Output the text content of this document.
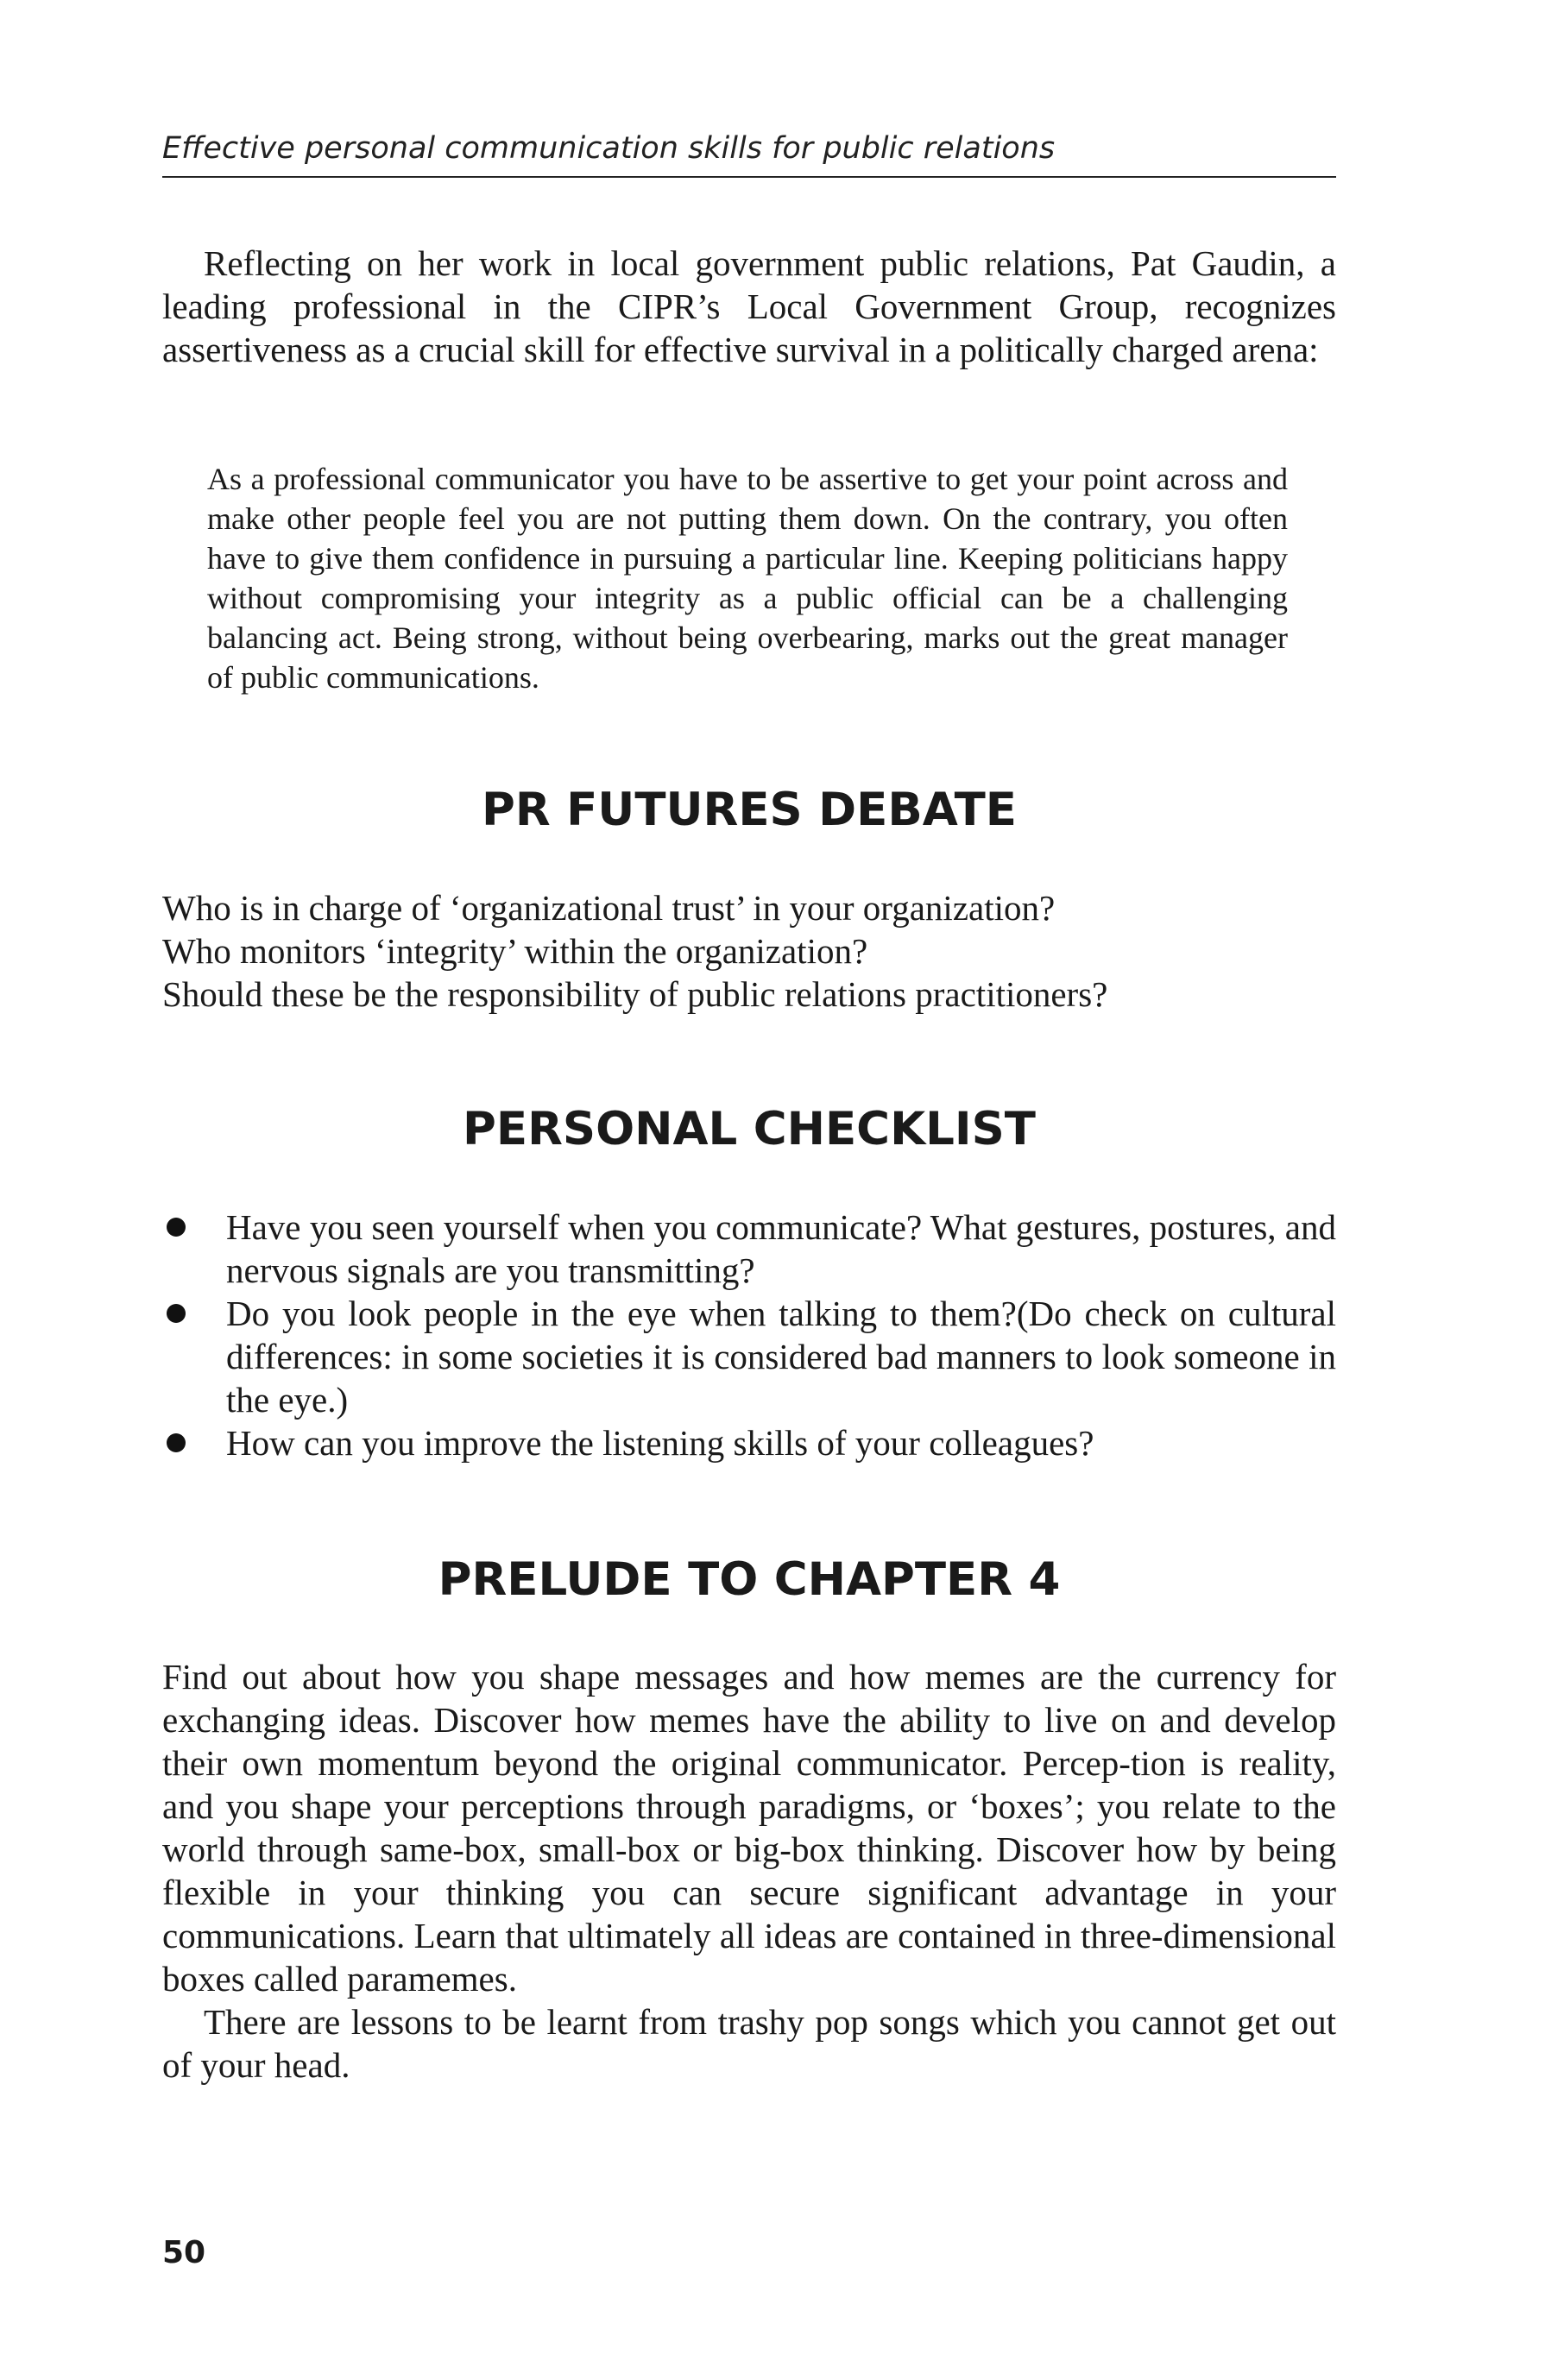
Effective personal communication skills for public relations

Reflecting on her work in local government public relations, Pat Gaudin, a leading professional in the CIPR’s Local Government Group, recognizes assertiveness as a crucial skill for effective survival in a politically charged arena:

As a professional communicator you have to be assertive to get your point across and make other people feel you are not putting them down. On the contrary, you often have to give them confidence in pursuing a particular line. Keeping politicians happy without compromising your integrity as a public official can be a challenging balancing act. Being strong, without being overbearing, marks out the great manager of public communications.

PR FUTURES DEBATE

Who is in charge of ‘organizational trust’ in your organization?

Who monitors ‘integrity’ within the organization?

Should these be the responsibility of public relations practitioners?

PERSONAL CHECKLIST
Have you seen yourself when you communicate? What gestures, postures, and nervous signals are you transmitting?
Do you look people in the eye when talking to them?(Do check on cultural differences: in some societies it is considered bad manners to look someone in the eye.)
How can you improve the listening skills of your colleagues?
PRELUDE TO CHAPTER 4

Find out about how you shape messages and how memes are the currency for exchanging ideas. Discover how memes have the ability to live on and develop their own momentum beyond the original communicator. Percep-tion is reality, and you shape your perceptions through paradigms, or ‘boxes’; you relate to the world through same-box, small-box or big-box thinking. Discover how by being flexible in your thinking you can secure significant advantage in your communications. Learn that ultimately all ideas are contained in three-dimensional boxes called paramemes.

There are lessons to be learnt from trashy pop songs which you cannot get out of your head.

50
